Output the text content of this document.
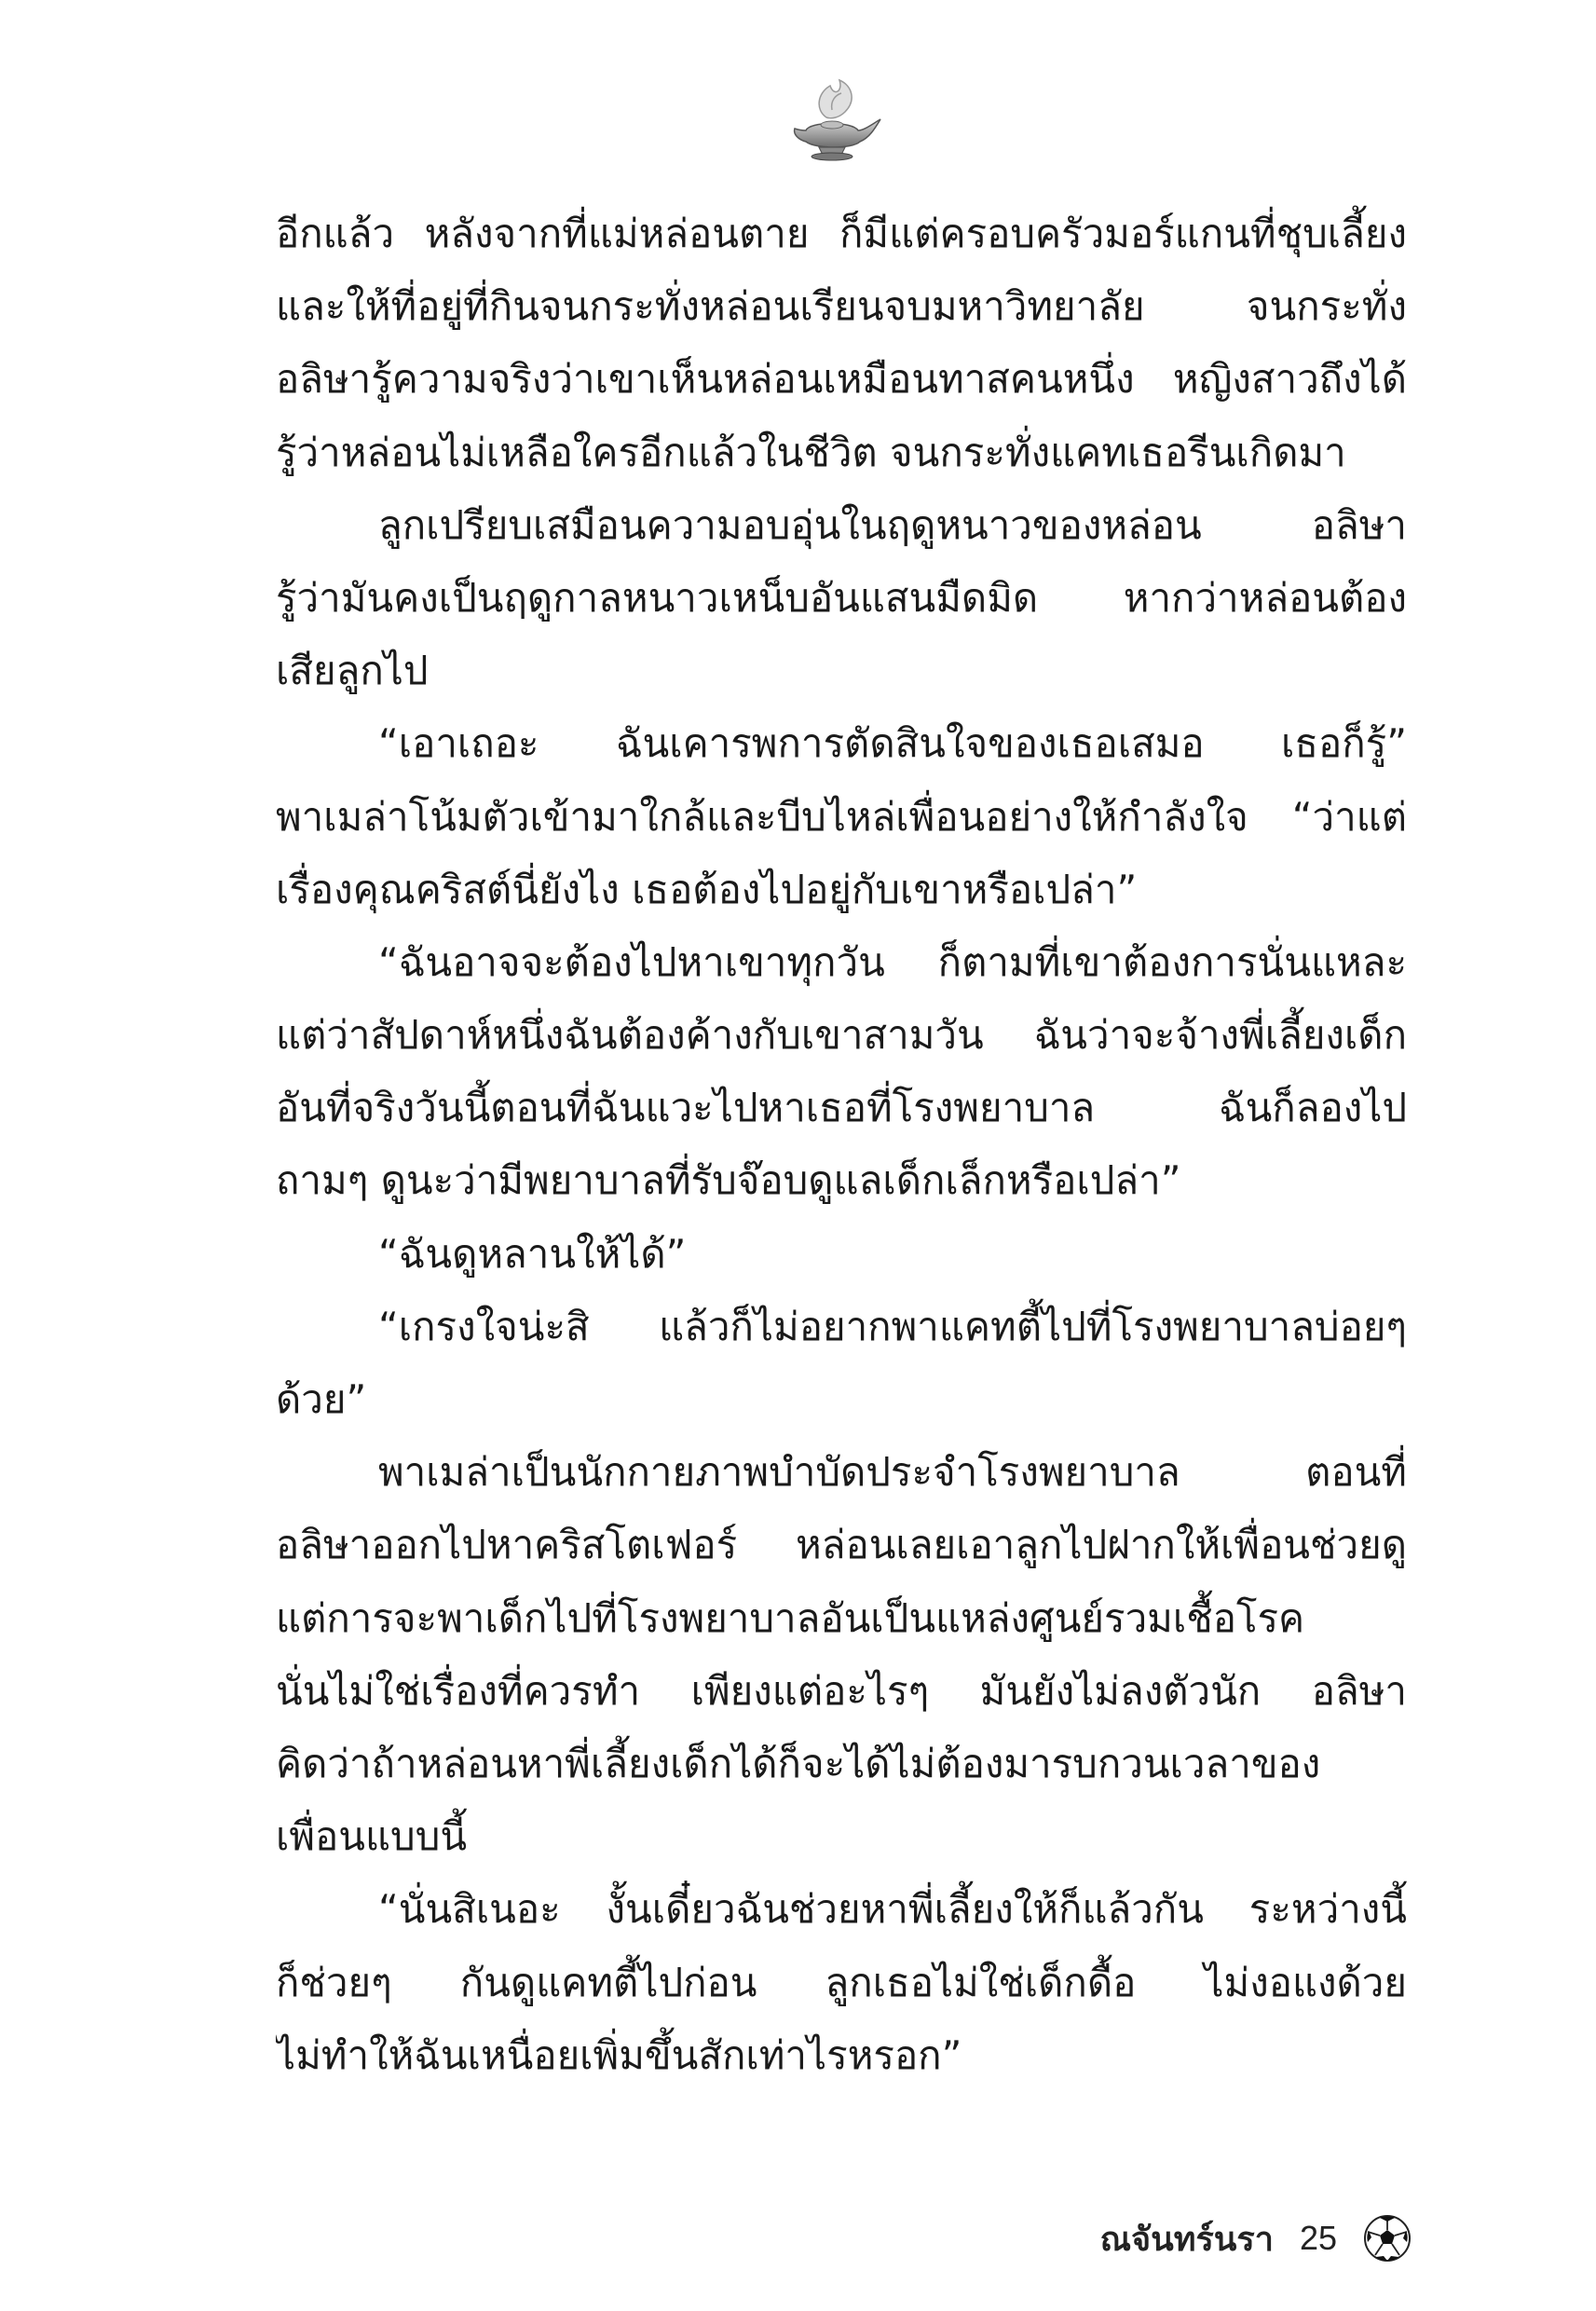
อีกแล้ว หลังจากที่แม่หล่อนตาย ก็มีแต่ครอบครัวมอร์แกนที่ชุบเลี้ยง
และให้ที่อยู่ที่กินจนกระทั่งหล่อนเรียนจบมหาวิทยาลัย จนกระทั่ง
อลิษารู้ความจริงว่าเขาเห็นหล่อนเหมือนทาสคนหนึ่ง หญิงสาวถึงได้
รู้ว่าหล่อนไม่เหลือใครอีกแล้วในชีวิต จนกระทั่งแคทเธอรีนเกิดมา
ลูกเปรียบเสมือนความอบอุ่นในฤดูหนาวของหล่อน อลิษา
รู้ว่ามันคงเป็นฤดูกาลหนาวเหน็บอันแสนมืดมิด หากว่าหล่อนต้อง
เสียลูกไป
“เอาเถอะ ฉันเคารพการตัดสินใจของเธอเสมอ เธอก็รู้”
พาเมล่าโน้มตัวเข้ามาใกล้และบีบไหล่เพื่อนอย่างให้กำลังใจ “ว่าแต่
เรื่องคุณคริสต์นี่ยังไง เธอต้องไปอยู่กับเขาหรือเปล่า”
“ฉันอาจจะต้องไปหาเขาทุกวัน ก็ตามที่เขาต้องการนั่นแหละ
แต่ว่าสัปดาห์หนึ่งฉันต้องค้างกับเขาสามวัน ฉันว่าจะจ้างพี่เลี้ยงเด็ก
อันที่จริงวันนี้ตอนที่ฉันแวะไปหาเธอที่โรงพยาบาล ฉันก็ลองไป
ถามๆ ดูนะว่ามีพยาบาลที่รับจ๊อบดูแลเด็กเล็กหรือเปล่า”
“ฉันดูหลานให้ได้”
“เกรงใจน่ะสิ แล้วก็ไม่อยากพาแคทตี้ไปที่โรงพยาบาลบ่อยๆ
ด้วย”
พาเมล่าเป็นนักกายภาพบำบัดประจำโรงพยาบาล ตอนที่
อลิษาออกไปหาคริสโตเฟอร์ หล่อนเลยเอาลูกไปฝากให้เพื่อนช่วยดู
แต่การจะพาเด็กไปที่โรงพยาบาลอันเป็นแหล่งศูนย์รวมเชื้อโรค
นั่นไม่ใช่เรื่องที่ควรทำ เพียงแต่อะไรๆ มันยังไม่ลงตัวนัก อลิษา
คิดว่าถ้าหล่อนหาพี่เลี้ยงเด็กได้ก็จะได้ไม่ต้องมารบกวนเวลาของ
เพื่อนแบบนี้
“นั่นสิเนอะ งั้นเดี๋ยวฉันช่วยหาพี่เลี้ยงให้ก็แล้วกัน ระหว่างนี้
ก็ช่วยๆ กันดูแคทตี้ไปก่อน ลูกเธอไม่ใช่เด็กดื้อ ไม่งอแงด้วย
ไม่ทำให้ฉันเหนื่อยเพิ่มขึ้นสักเท่าไรหรอก”
ณจันทร์นรา 25
